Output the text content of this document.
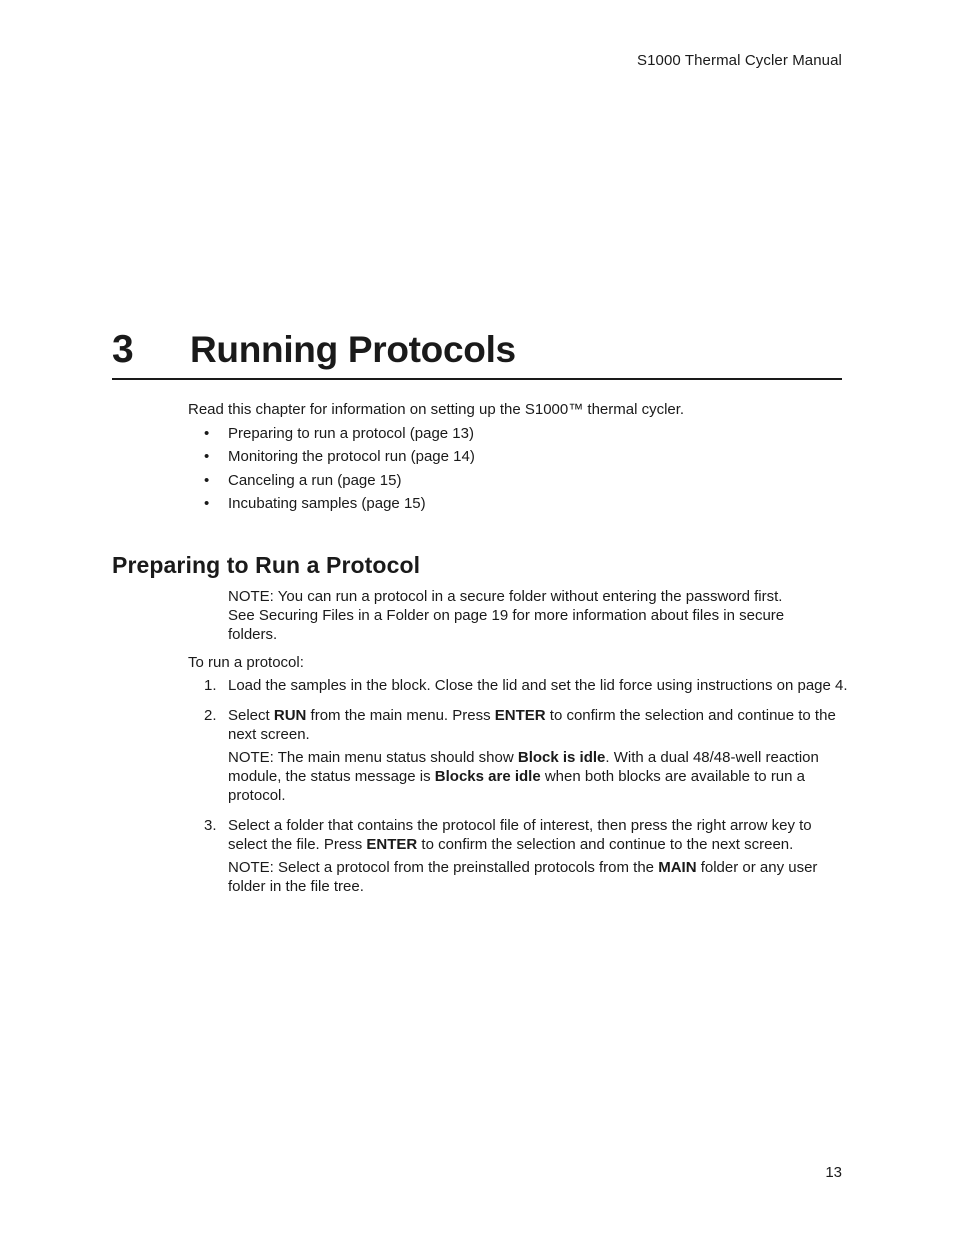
S1000 Thermal Cycler Manual
3 Running Protocols
Read this chapter for information on setting up the S1000™ thermal cycler.
• Preparing to run a protocol (page 13)
• Monitoring the protocol run (page 14)
• Canceling a run (page 15)
• Incubating samples (page 15)
Preparing to Run a Protocol
NOTE: You can run a protocol in a secure folder without entering the password first. See Securing Files in a Folder on page 19 for more information about files in secure folders.
To run a protocol:
1. Load the samples in the block. Close the lid and set the lid force using instructions on page 4.
2. Select RUN from the main menu. Press ENTER to confirm the selection and continue to the next screen.
NOTE: The main menu status should show Block is idle. With a dual 48/48-well reaction module, the status message is Blocks are idle when both blocks are available to run a protocol.
3. Select a folder that contains the protocol file of interest, then press the right arrow key to select the file. Press ENTER to confirm the selection and continue to the next screen.
NOTE: Select a protocol from the preinstalled protocols from the MAIN folder or any user folder in the file tree.
13
